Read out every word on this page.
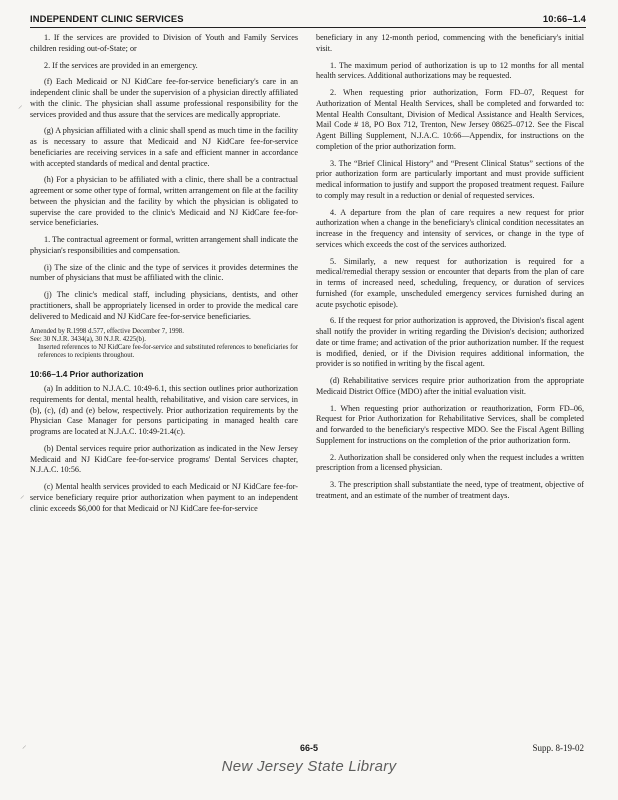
INDEPENDENT CLINIC SERVICES	10:66–1.4
⸝
⸝
⸝

1. If the services are provided to Division of Youth and Family Services children residing out-of-State; or

2. If the services are provided in an emergency.

(f) Each Medicaid or NJ KidCare fee-for-service beneficiary's care in an independent clinic shall be under the supervision of a physician directly affiliated with the clinic. The physician shall assume professional responsibility for the services provided and thus assure that the services are medically appropriate.

(g) A physician affiliated with a clinic shall spend as much time in the facility as is necessary to assure that Medicaid and NJ KidCare fee-for-service beneficiaries are receiving services in a safe and efficient manner in accordance with accepted standards of medical and dental practice.

(h) For a physician to be affiliated with a clinic, there shall be a contractual agreement or some other type of formal, written arrangement on file at the facility between the physician and the facility by which the physician is obligated to supervise the care provided to the clinic's Medicaid and NJ KidCare fee-for-service beneficiaries.

1. The contractual agreement or formal, written arrangement shall indicate the physician's responsibilities and compensation.

(i) The size of the clinic and the type of services it provides determines the number of physicians that must be affiliated with the clinic.

(j) The clinic's medical staff, including physicians, dentists, and other practitioners, shall be appropriately licensed in order to provide the medical care delivered to Medicaid and NJ KidCare fee-for-service beneficiaries.

Amended by R.1998 d.577, effective December 7, 1998.
See: 30 N.J.R. 3434(a), 30 N.J.R. 4225(b).
Inserted references to NJ KidCare fee-for-service and substituted references to beneficiaries for references to recipients throughout.
10:66–1.4 Prior authorization

(a) In addition to N.J.A.C. 10:49-6.1, this section outlines prior authorization requirements for dental, mental health, rehabilitative, and vision care services, in (b), (c), (d) and (e) below, respectively. Prior authorization requirements by the Physician Case Manager for persons participating in managed health care programs are located at N.J.A.C. 10:49-21.4(c).

(b) Dental services require prior authorization as indicated in the New Jersey Medicaid and NJ KidCare fee-for-service programs' Dental Services chapter, N.J.A.C. 10:56.

(c) Mental health services provided to each Medicaid or NJ KidCare fee-for-service beneficiary require prior authorization when payment to an independent clinic exceeds $6,000 for that Medicaid or NJ KidCare fee-for-service

beneficiary in any 12-month period, commencing with the beneficiary's initial visit.

1. The maximum period of authorization is up to 12 months for all mental health services. Additional authorizations may be requested.

2. When requesting prior authorization, Form FD–07, Request for Authorization of Mental Health Services, shall be completed and forwarded to: Mental Health Consultant, Division of Medical Assistance and Health Services, Mail Code # 18, PO Box 712, Trenton, New Jersey 08625–0712. See the Fiscal Agent Billing Supplement, N.J.A.C. 10:66—Appendix, for instructions on the completion of the prior authorization form.

3. The “Brief Clinical History” and “Present Clinical Status” sections of the prior authorization form are particularly important and must provide sufficient medical information to justify and support the proposed treatment request. Failure to comply may result in a reduction or denial of requested services.

4. A departure from the plan of care requires a new request for prior authorization when a change in the beneficiary's clinical condition necessitates an increase in the frequency and intensity of services, or change in the type of services which exceeds the cost of the services authorized.

5. Similarly, a new request for authorization is required for a medical/remedial therapy session or encounter that departs from the plan of care in terms of increased need, scheduling, frequency, or duration of services furnished (for example, unscheduled emergency services furnished during an acute psychotic episode).

6. If the request for prior authorization is approved, the Division's fiscal agent shall notify the provider in writing regarding the Division's decision; authorized date or time frame; and activation of the prior authorization number. If the request is modified, denied, or if the Division requires additional information, the provider is so notified in writing by the fiscal agent.

(d) Rehabilitative services require prior authorization from the appropriate Medicaid District Office (MDO) after the initial evaluation visit.

1. When requesting prior authorization or reauthorization, Form FD–06, Request for Prior Authorization for Rehabilitative Services, shall be completed and forwarded to the beneficiary's respective MDO. See the Fiscal Agent Billing Supplement for instructions on the completion of the prior authorization form.

2. Authorization shall be considered only when the request includes a written prescription from a licensed physician.

3. The prescription shall substantiate the need, type of treatment, objective of treatment, and an estimate of the number of treatment days.

66-5	Supp. 8-19-02
New Jersey State Library
